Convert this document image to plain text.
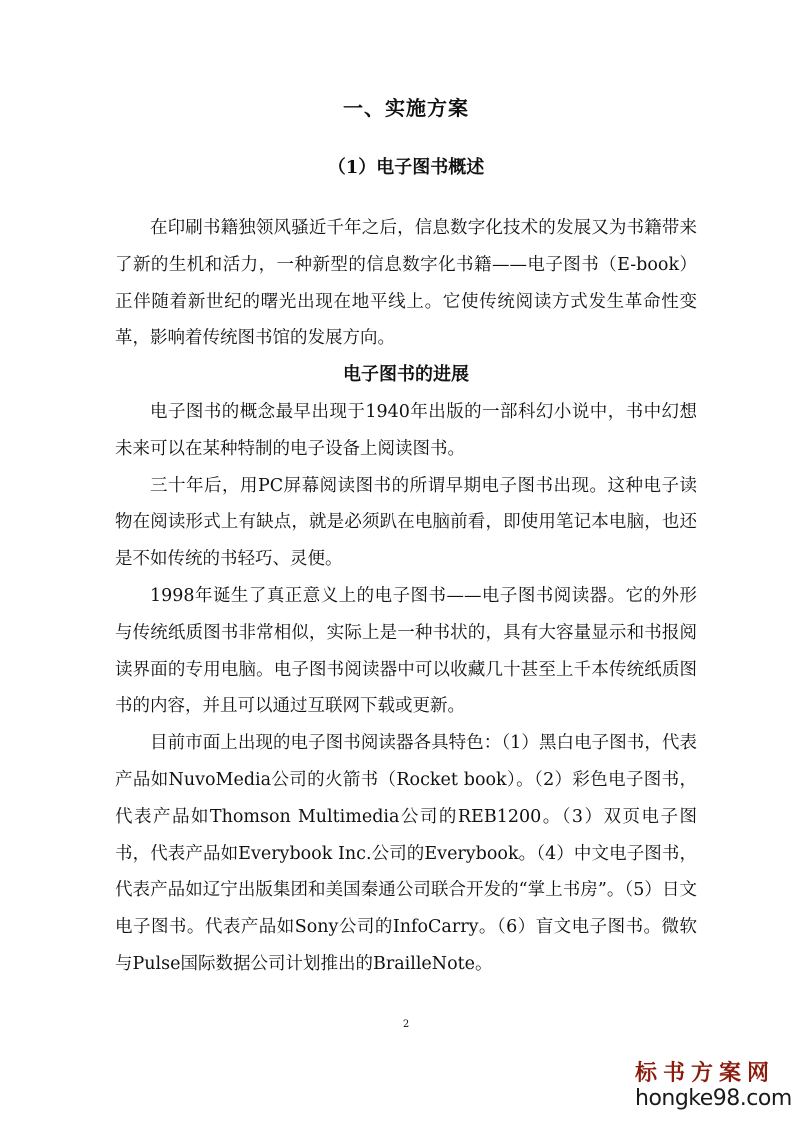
一、实施方案
（1）电子图书概述

在印刷书籍独领风骚近千年之后，信息数字化技术的发展又为书籍带来了新的生机和活力，一种新型的信息数字化书籍——电子图书（E-book）正伴随着新世纪的曙光出现在地平线上。它使传统阅读方式发生革命性变革，影响着传统图书馆的发展方向。

电子图书的进展

电子图书的概念最早出现于1940年出版的一部科幻小说中，书中幻想未来可以在某种特制的电子设备上阅读图书。

三十年后，用PC屏幕阅读图书的所谓早期电子图书出现。这种电子读物在阅读形式上有缺点，就是必须趴在电脑前看，即使用笔记本电脑，也还是不如传统的书轻巧、灵便。

1998年诞生了真正意义上的电子图书——电子图书阅读器。它的外形与传统纸质图书非常相似，实际上是一种书状的，具有大容量显示和书报阅读界面的专用电脑。电子图书阅读器中可以收藏几十甚至上千本传统纸质图书的内容，并且可以通过互联网下载或更新。

目前市面上出现的电子图书阅读器各具特色：（1）黑白电子图书，代表产品如NuvoMedia公司的火箭书（Rocket book）。（2）彩色电子图书，代表产品如Thomson Multimedia公司的REB1200。（3）双页电子图书，代表产品如Everybook Inc.公司的Everybook。（4）中文电子图书，代表产品如辽宁出版集团和美国秦通公司联合开发的“掌上书房”。（5）日文电子图书。代表产品如Sony公司的InfoCarry。（6）盲文电子图书。微软与Pulse国际数据公司计划推出的BrailleNote。

2
标书方案网
hongke98.com
